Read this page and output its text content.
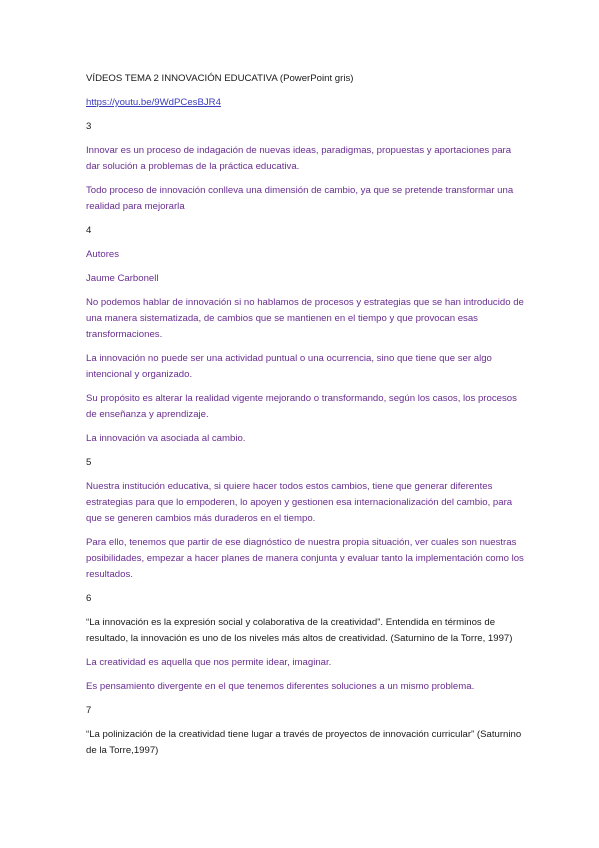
VÍDEOS TEMA 2 INNOVACIÓN EDUCATIVA (PowerPoint gris)
https://youtu.be/9WdPCesBJR4
3
Innovar es un proceso de indagación de nuevas ideas, paradigmas, propuestas y aportaciones para dar solución a problemas de la práctica educativa.
Todo proceso de innovación conlleva una dimensión de cambio, ya que se pretende transformar una realidad para mejorarla
4
Autores
Jaume Carbonell
No podemos hablar de innovación si no hablamos de procesos y estrategias que se han introducido de una manera sistematizada, de cambios que se mantienen en el tiempo y que provocan esas transformaciones.
La innovación no puede ser una actividad puntual o una ocurrencia, sino que tiene que ser algo intencional y organizado.
Su propósito es alterar la realidad vigente mejorando o transformando, según los casos, los procesos de enseñanza y aprendizaje.
La innovación va asociada al cambio.
5
Nuestra institución educativa, si quiere hacer todos estos cambios, tiene que generar diferentes estrategias para que lo empoderen, lo apoyen y gestionen esa internacionalización del cambio, para que se generen cambios más duraderos en el tiempo.
Para ello, tenemos que partir de ese diagnóstico de nuestra propia situación, ver cuales son nuestras posibilidades, empezar a hacer planes de manera conjunta y evaluar tanto la implementación como los resultados.
6
“La innovación es la expresión social y colaborativa de la creatividad”. Entendida en términos de resultado, la innovación es uno de los niveles más altos de creatividad. (Saturnino de la Torre, 1997)
La creatividad es aquella que nos permite idear, imaginar.
Es pensamiento divergente en el que tenemos diferentes soluciones a un mismo problema.
7
“La polinización de la creatividad tiene lugar a través de proyectos de innovación curricular” (Saturnino de la Torre,1997)
